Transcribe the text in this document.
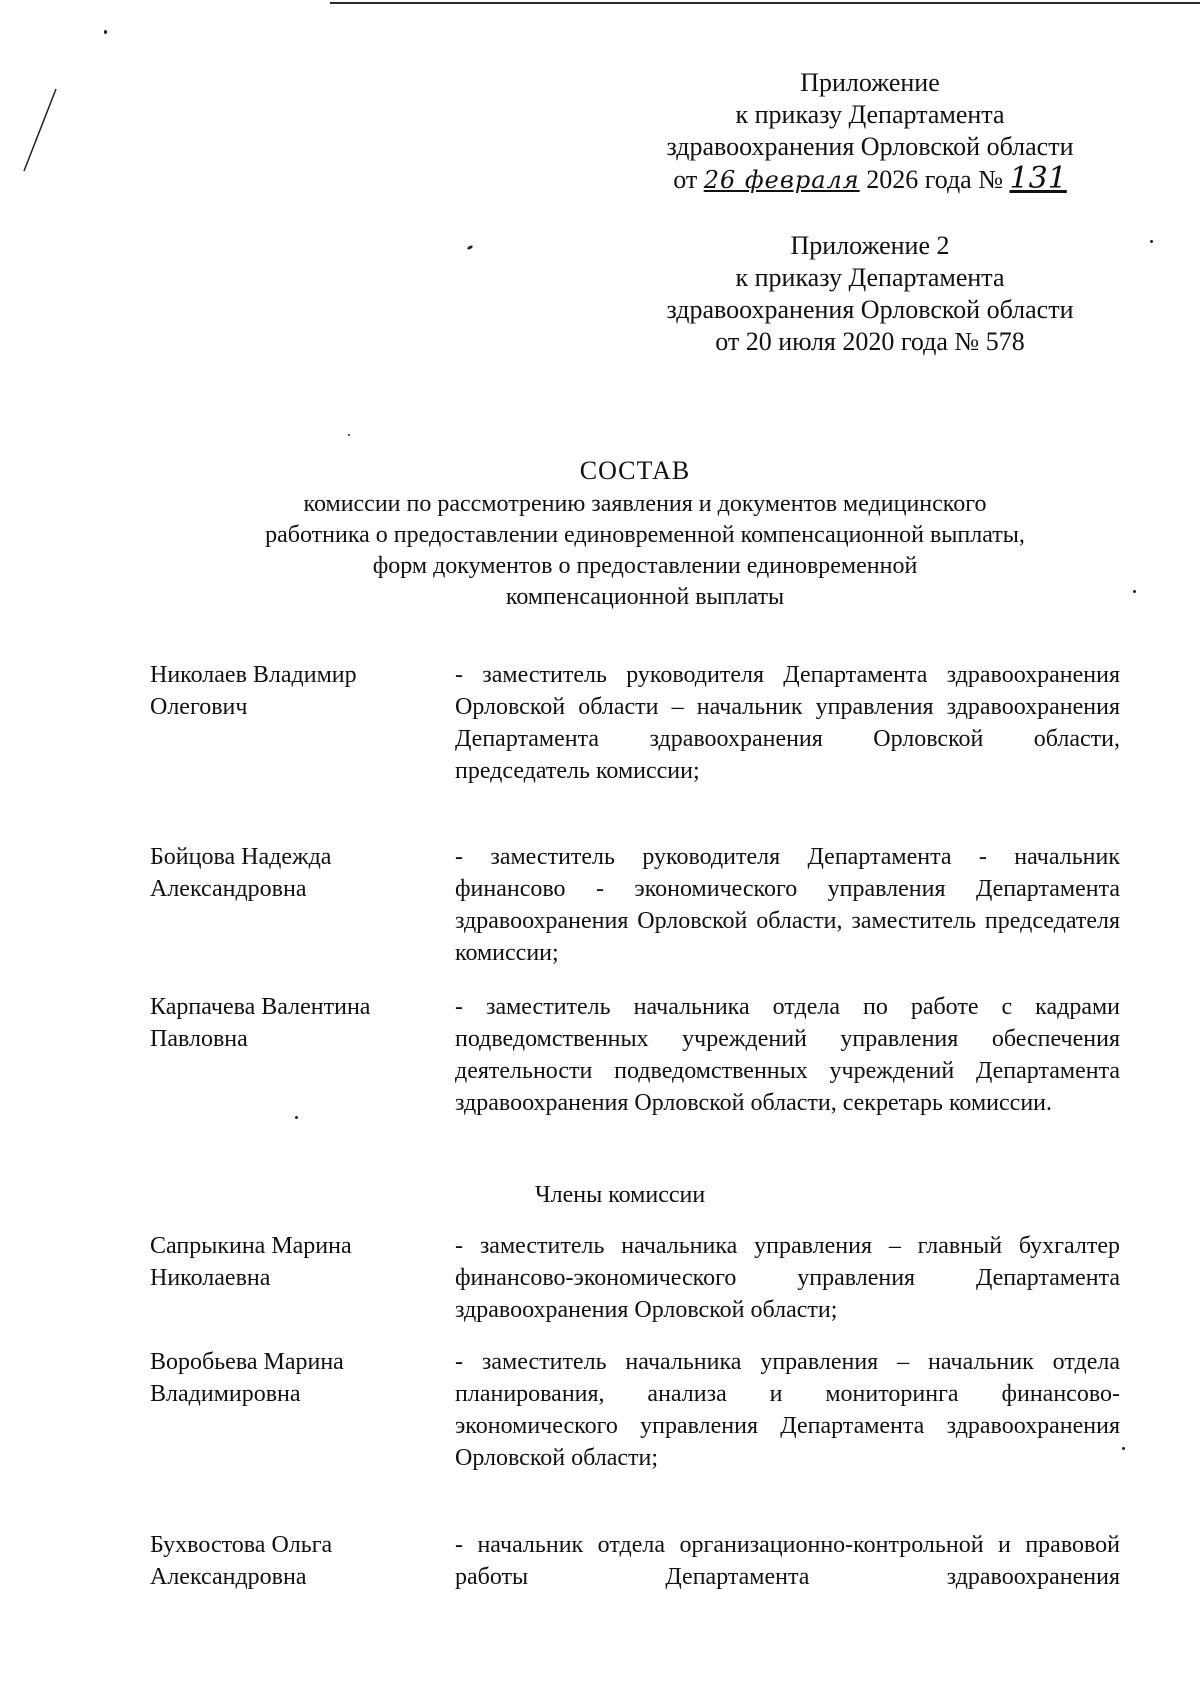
Приложение
к приказу Департамента
здравоохранения Орловской области
от 26 февраля 2026 года № 131
Приложение 2
к приказу Департамента
здравоохранения Орловской области
от 20 июля 2020 года № 578
СОСТАВ
комиссии по рассмотрению заявления и документов медицинского
работника о предоставлении единовременной компенсационной выплаты,
форм документов о предоставлении единовременной
компенсационной выплаты
Николаев Владимир
Олегович
- заместитель руководителя Департамента здравоохранения Орловской области – начальник управления здравоохранения Департамента здравоохранения Орловской области, председатель комиссии;
Бойцова Надежда
Александровна
- заместитель руководителя Департамента - начальник финансово - экономического управления Департамента здравоохранения Орловской области, заместитель председателя комиссии;
Карпачева Валентина
Павловна
- заместитель начальника отдела по работе с кадрами подведомственных учреждений управления обеспечения деятельности подведомственных учреждений Департамента здравоохранения Орловской области, секретарь комиссии.
Члены комиссии
Сапрыкина Марина
Николаевна
- заместитель начальника управления – главный бухгалтер финансово-экономического управления Департамента здравоохранения Орловской области;
Воробьева Марина
Владимировна
- заместитель начальника управления – начальник отдела планирования, анализа и мониторинга финансово-экономического управления Департамента здравоохранения Орловской области;
Бухвостова Ольга
Александровна
- начальник отдела организационно-контрольной и правовой работы Департамента здравоохранения
